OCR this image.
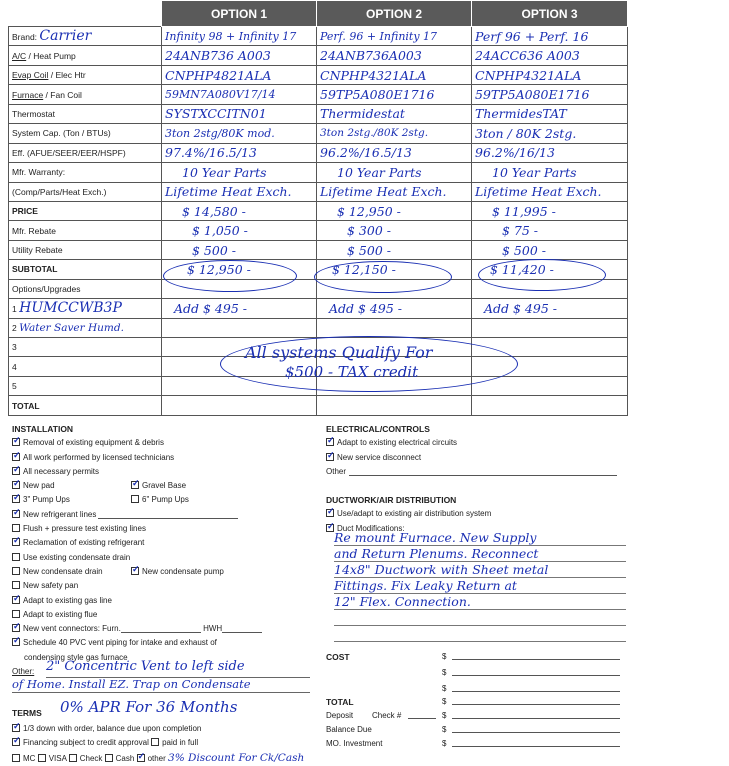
	OPTION 1	OPTION 2	OPTION 3
Brand: Carrier	Infinity 98 + Infinity 17	Perf. 96 + Infinity 17	Perf 96 + Perf. 16
A/C / Heat Pump	24ANB736 A003	24ANB736A003	24ACC636 A003
Evap Coil / Elec Htr	CNPHP4821ALA	CNPHP4321ALA	CNPHP4321ALA
Furnace / Fan Coil	59MN7A080V17/14	59TP5A080E1716	59TP5A080E1716
Thermostat	SYSTXCCITN01	Thermidestat	ThermidesTAT
System Cap. (Ton / BTUs)	3ton 2stg/80K mod.	3ton 2stg./80K 2stg.	3ton / 80K 2stg.
Eff. (AFUE/SEER/EER/HSPF)	97.4%/16.5/13	96.2%/16.5/13	96.2%/16/13
Mfr. Warranty:	10 Year Parts	10 Year Parts	10 Year Parts
(Comp/Parts/Heat Exch.)	Lifetime Heat Exch.	Lifetime Heat Exch.	Lifetime Heat Exch.
PRICE	$ 14,580 -	$ 12,950 -	$ 11,995 -
Mfr. Rebate	$ 1,050 -	$ 300 -	$ 75 -
Utility Rebate	$ 500 -	$ 500 -	$ 500 -
SUBTOTAL	$ 12,950 -	$ 12,150 -	$ 11,420 -
Options/Upgrades			
1 HUMCCWB3P	Add $ 495 -	Add $ 495 -	Add $ 495 -
2 Water Saver Humd.			
3			
4			
5			
TOTAL			
All systems Qualify For
$500 - TAX credit
INSTALLATION
✓Removal of existing equipment & debris
✓All work performed by licensed technicians
✓All necessary permits
✓New pad ✓	Gravel Base
✓3" Pump Ups	6" Pump Ups
✓New refrigerant lines
Flush + pressure test existing lines
✓Reclamation of existing refrigerant
Use existing condensate drain
New condensate drain ✓	New condensate pump
New safety pan
✓Adapt to existing gas line
Adapt to existing flue
✓New vent connectors: Furn.	HWH
✓Schedule 40 PVC vent piping for intake and exhaust of
condensing style gas furnace
Other: 2" Concentric Vent to left side
of Home. Install EZ. Trap on Condensate
TERMS 0% APR For 36 Months
✓1/3 down with order, balance due upon completion
✓Financing subject to credit approval paid in full
MC VISA Check Cash ✓ other 3% Discount For Ck/Cash
ELECTRICAL/CONTROLS
✓Adapt to existing electrical circuits
✓New service disconnect
Other
DUCTWORK/AIR DISTRIBUTION
✓Use/adapt to existing air distribution system
✓Duct Modifications:
Re mount Furnace. New Supply
and Return Plenums. Reconnect
14x8" Ductwork with Sheet metal
Fittings. Fix Leaky Return at
12" Flex. Connection.
COST	$
$
$
TOTAL	$
Deposit Check #	$
Balance Due	$
MO. Investment	$
